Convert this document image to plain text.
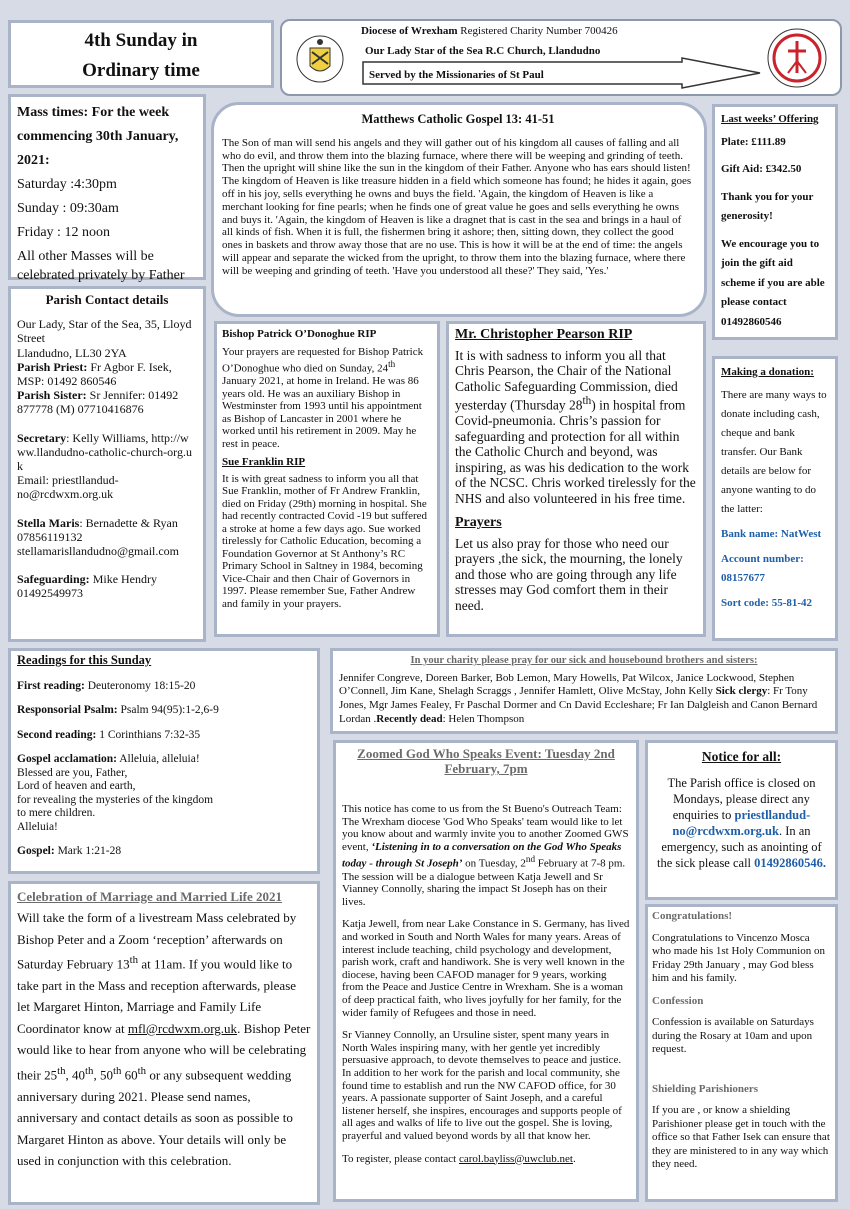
4th Sunday in
Ordinary time
Diocese of Wrexham Registered Charity Number 700426
Our Lady Star of the Sea R.C Church, Llandudno
Served by the Missionaries of St Paul
Mass times: For the week commencing 30th January, 2021:
Saturday :4:30pm
Sunday : 09:30am
Friday : 12 noon
All other Masses will be celebrated privately by Father
Matthews Catholic Gospel 13: 41-51

The Son of man will send his angels and they will gather out of his kingdom all causes of falling and all who do evil, and throw them into the blazing furnace, where there will be weeping and grinding of teeth. Then the upright will shine like the sun in the kingdom of their Father. Anyone who has ears should listen! The kingdom of Heaven is like treasure hidden in a field which someone has found; he hides it again, goes off in his joy, sells everything he owns and buys the field. 'Again, the kingdom of Heaven is like a merchant looking for fine pearls; when he finds one of great value he goes and sells everything he owns and buys it. 'Again, the kingdom of Heaven is like a dragnet that is cast in the sea and brings in a haul of all kinds of fish. When it is full, the fishermen bring it ashore; then, sitting down, they collect the good ones in baskets and throw away those that are no use. This is how it will be at the end of time: the angels will appear and separate the wicked from the upright, to throw them into the blazing furnace, where there will be weeping and grinding of teeth. 'Have you understood all these?' They said, 'Yes.'

Last weeks’ Offering
Plate: £111.89
Gift Aid: £342.50
Thank you for your generosity!
We encourage you to join the gift aid scheme if you are able please contact 01492860546
Parish Contact details
Our Lady, Star of the Sea, 35, Lloyd Street
Llandudno, LL30 2YA
Parish Priest: Fr Agbor F. Isek, MSP: 01492 860546
Parish Sister: Sr Jennifer: 01492 877778 (M) 07710416876
Secretary: Kelly Williams, http://www.llandudno-catholic-church-org.uk
Email: priestllandud-no@rcdwxm.org.uk
Stella Maris: Bernadette & Ryan 07856119132 stellamarisllandudno@gmail.com
Safeguarding: Mike Hendry 01492549973
Bishop Patrick O’Donoghue RIP

Your prayers are requested for Bishop Patrick O’Donoghue who died on Sunday, 24th January 2021, at home in Ireland. He was 86 years old. He was an auxiliary Bishop in Westminster from 1993 until his appointment as Bishop of Lancaster in 2001 where he worked until his retirement in 2009. May he rest in peace.

Sue Franklin RIP

It is with great sadness to inform you all that Sue Franklin, mother of Fr Andrew Franklin, died on Friday (29th) morning in hospital. She had recently contracted Covid -19 but suffered a stroke at home a few days ago. Sue worked tirelessly for Catholic Education, becoming a Foundation Governor at St Anthony’s RC Primary School in Saltney in 1984, becoming Vice-Chair and then Chair of Governors in 1997. Please remember Sue, Father Andrew and family in your prayers.

Mr. Christopher Pearson RIP

It is with sadness to inform you all that Chris Pearson, the Chair of the National Catholic Safeguarding Commission, died yesterday (Thursday 28th) in hospital from Covid-pneumonia. Chris’s passion for safeguarding and protection for all within the Catholic Church and beyond, was inspiring, as was his dedication to the work of the NCSC. Chris worked tirelessly for the NHS and also volunteered in his free time.

Prayers

Let us also pray for those who need our prayers ,the sick, the mourning, the lonely and those who are going through any life stresses may God comfort them in their need.

Making a donation:

There are many ways to donate including cash, cheque and bank transfer. Our Bank details are below for anyone wanting to do the latter:

Bank name: NatWest
Account number: 08157677
Sort code: 55-81-42
Readings for this Sunday
First reading: Deuteronomy 18:15-20
Responsorial Psalm: Psalm 94(95):1-2,6-9
Second reading: 1 Corinthians 7:32-35
Gospel acclamation: Alleluia, alleluia!
Blessed are you, Father,
Lord of heaven and earth,
for revealing the mysteries of the kingdom
to mere children.
Alleluia!
Gospel: Mark 1:21-28
In your charity please pray for our sick and housebound brothers and sisters:

Jennifer Congreve, Doreen Barker, Bob Lemon, Mary Howells, Pat Wilcox, Janice Lockwood, Stephen O’Connell, Jim Kane, Shelagh Scraggs , Jennifer Hamlett, Olive McStay, John Kelly Sick clergy: Fr Tony Jones, Mgr James Fealey, Fr Paschal Dormer and Cn David Eccleshare; Fr Ian Dalgleish and Canon Bernard Lordan .Recently dead: Helen Thompson

Zoomed God Who Speaks Event: Tuesday 2nd February, 7pm

This notice has come to us from the St Bueno's Outreach Team: The Wrexham diocese 'God Who Speaks' team would like to let you know about and warmly invite you to another Zoomed GWS event, ‘Listening in to a conversation on the God Who Speaks today - through St Joseph’ on Tuesday, 2nd February at 7-8 pm. The session will be a dialogue between Katja Jewell and Sr Vianney Connolly, sharing the impact St Joseph has on their lives.

Katja Jewell, from near Lake Constance in S. Germany, has lived and worked in South and North Wales for many years. Areas of interest include teaching, child psychology and development, parish work, craft and handiwork. She is very well known in the diocese, having been CAFOD manager for 9 years, working from the Peace and Justice Centre in Wrexham. She is a woman of deep practical faith, who lives joyfully for her family, for the wider family of Refugees and those in need.

Sr Vianney Connolly, an Ursuline sister, spent many years in North Wales inspiring many, with her gentle yet incredibly persuasive approach, to devote themselves to peace and justice. In addition to her work for the parish and local community, she found time to establish and run the NW CAFOD office, for 30 years. A passionate supporter of Saint Joseph, and a careful listener herself, she inspires, encourages and supports people of all ages and walks of life to live out the gospel. She is loving, prayerful and valued beyond words by all that know her.

To register, please contact carol.bayliss@uwclub.net.

Notice for all:

The Parish office is closed on Mondays, please direct any enquiries to priestllandud-no@rcdwxm.org.uk. In an emergency, such as anointing of the sick please call 01492860546.

Congratulations!

Congratulations to Vincenzo Mosca who made his 1st Holy Communion on Friday 29th January , may God bless him and his family.

Confession

Confession is available on Saturdays during the Rosary at 10am and upon request.

Shielding Parishioners

If you are , or know a shielding Parishioner please get in touch with the office so that Father Isek can ensure that they are ministered to in any way which they need.

Celebration of Marriage and Married Life 2021

Will take the form of a livestream Mass celebrated by Bishop Peter and a Zoom ‘reception’ afterwards on Saturday February 13th at 11am. If you would like to take part in the Mass and reception afterwards, please let Margaret Hinton, Marriage and Family Life Coordinator know at mfl@rcdwxm.org.uk. Bishop Peter would like to hear from anyone who will be celebrating their 25th, 40th, 50th 60th or any subsequent wedding anniversary during 2021. Please send names, anniversary and contact details as soon as possible to Margaret Hinton as above. Your details will only be used in conjunction with this celebration.
